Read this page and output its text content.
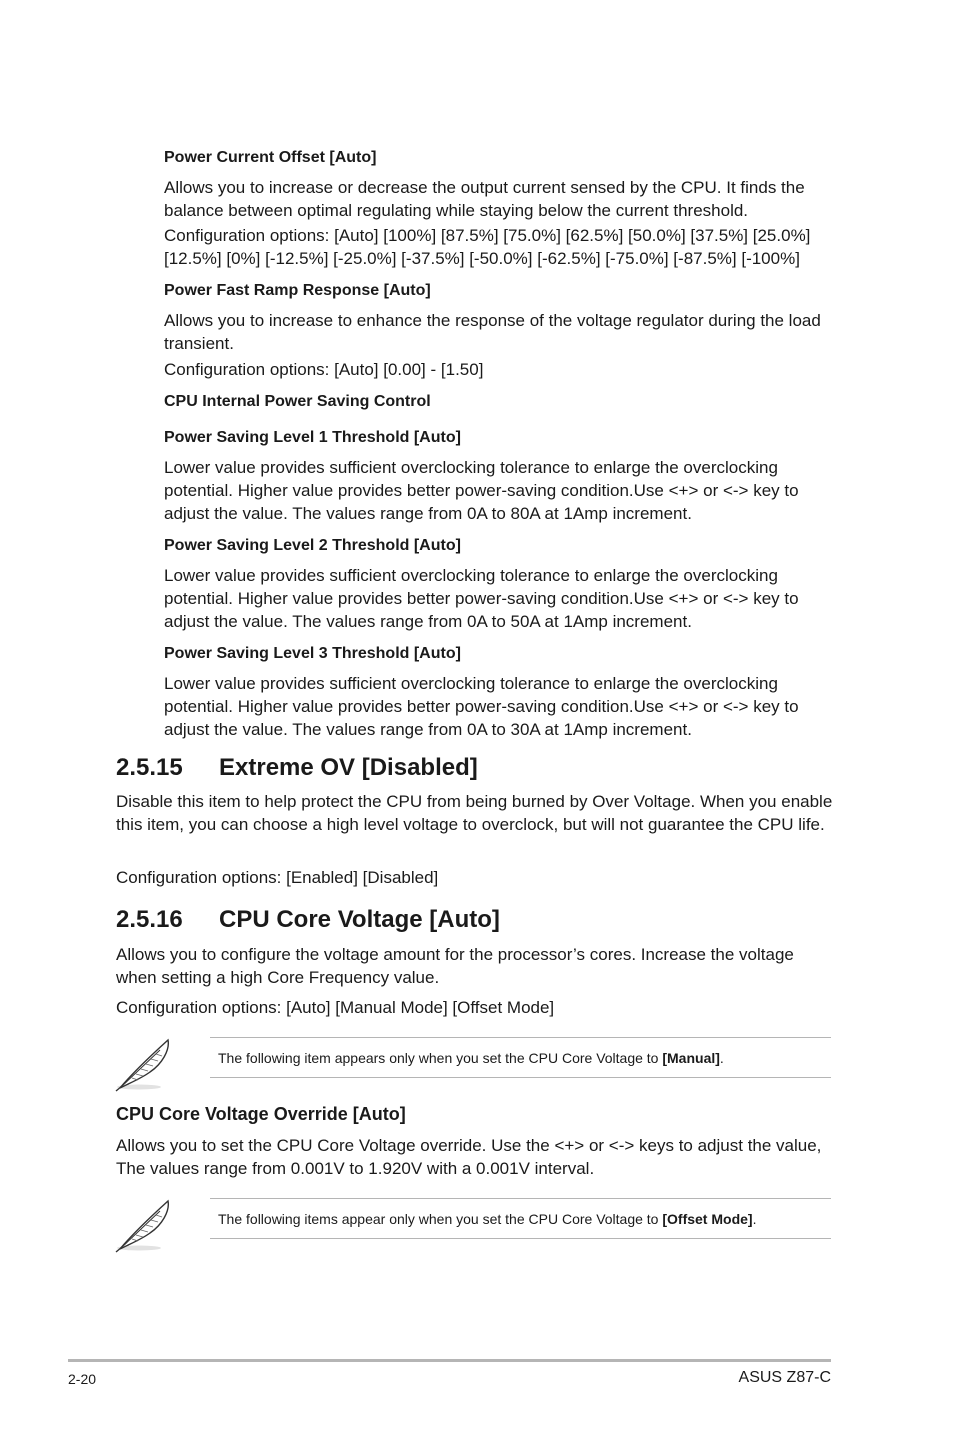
Power Current Offset [Auto]
Allows you to increase or decrease the output current sensed by the CPU. It finds the balance between optimal regulating while staying below the current threshold.
Configuration options: [Auto] [100%] [87.5%] [75.0%] [62.5%] [50.0%] [37.5%] [25.0%] [12.5%] [0%] [-12.5%] [-25.0%] [-37.5%] [-50.0%] [-62.5%] [-75.0%] [-87.5%] [-100%]
Power Fast Ramp Response [Auto]
Allows you to increase to enhance the response of the voltage regulator during the load transient.
Configuration options: [Auto] [0.00] - [1.50]
CPU Internal Power Saving Control
Power Saving Level 1 Threshold [Auto]
Lower value provides sufficient overclocking tolerance to enlarge the overclocking potential. Higher value provides better power-saving condition.Use <+> or <-> key to adjust the value. The values range from 0A to 80A at 1Amp increment.
Power Saving Level 2 Threshold [Auto]
Lower value provides sufficient overclocking tolerance to enlarge the overclocking potential. Higher value provides better power-saving condition.Use <+> or <-> key to adjust the value. The values range from 0A to 50A at 1Amp increment.
Power Saving Level 3 Threshold [Auto]
Lower value provides sufficient overclocking tolerance to enlarge the overclocking potential. Higher value provides better power-saving condition.Use <+> or <-> key to adjust the value. The values range from 0A to 30A at 1Amp increment.
2.5.15 Extreme OV [Disabled]
Disable this item to help protect the CPU from being burned by Over Voltage. When you enable this item, you can choose a high level voltage to overclock, but will not guarantee the CPU life.
Configuration options: [Enabled] [Disabled]
2.5.16 CPU Core Voltage [Auto]
Allows you to configure the voltage amount for the processor’s cores. Increase the voltage when setting a high Core Frequency value.
Configuration options: [Auto] [Manual Mode] [Offset Mode]
The following item appears only when you set the CPU Core Voltage to [Manual].
CPU Core Voltage Override [Auto]
Allows you to set the CPU Core Voltage override. Use the <+> or <-> keys to adjust the value, The values range from 0.001V to 1.920V with a 0.001V interval.
The following items appear only when you set the CPU Core Voltage to [Offset Mode].
2-20	ASUS Z87-C
